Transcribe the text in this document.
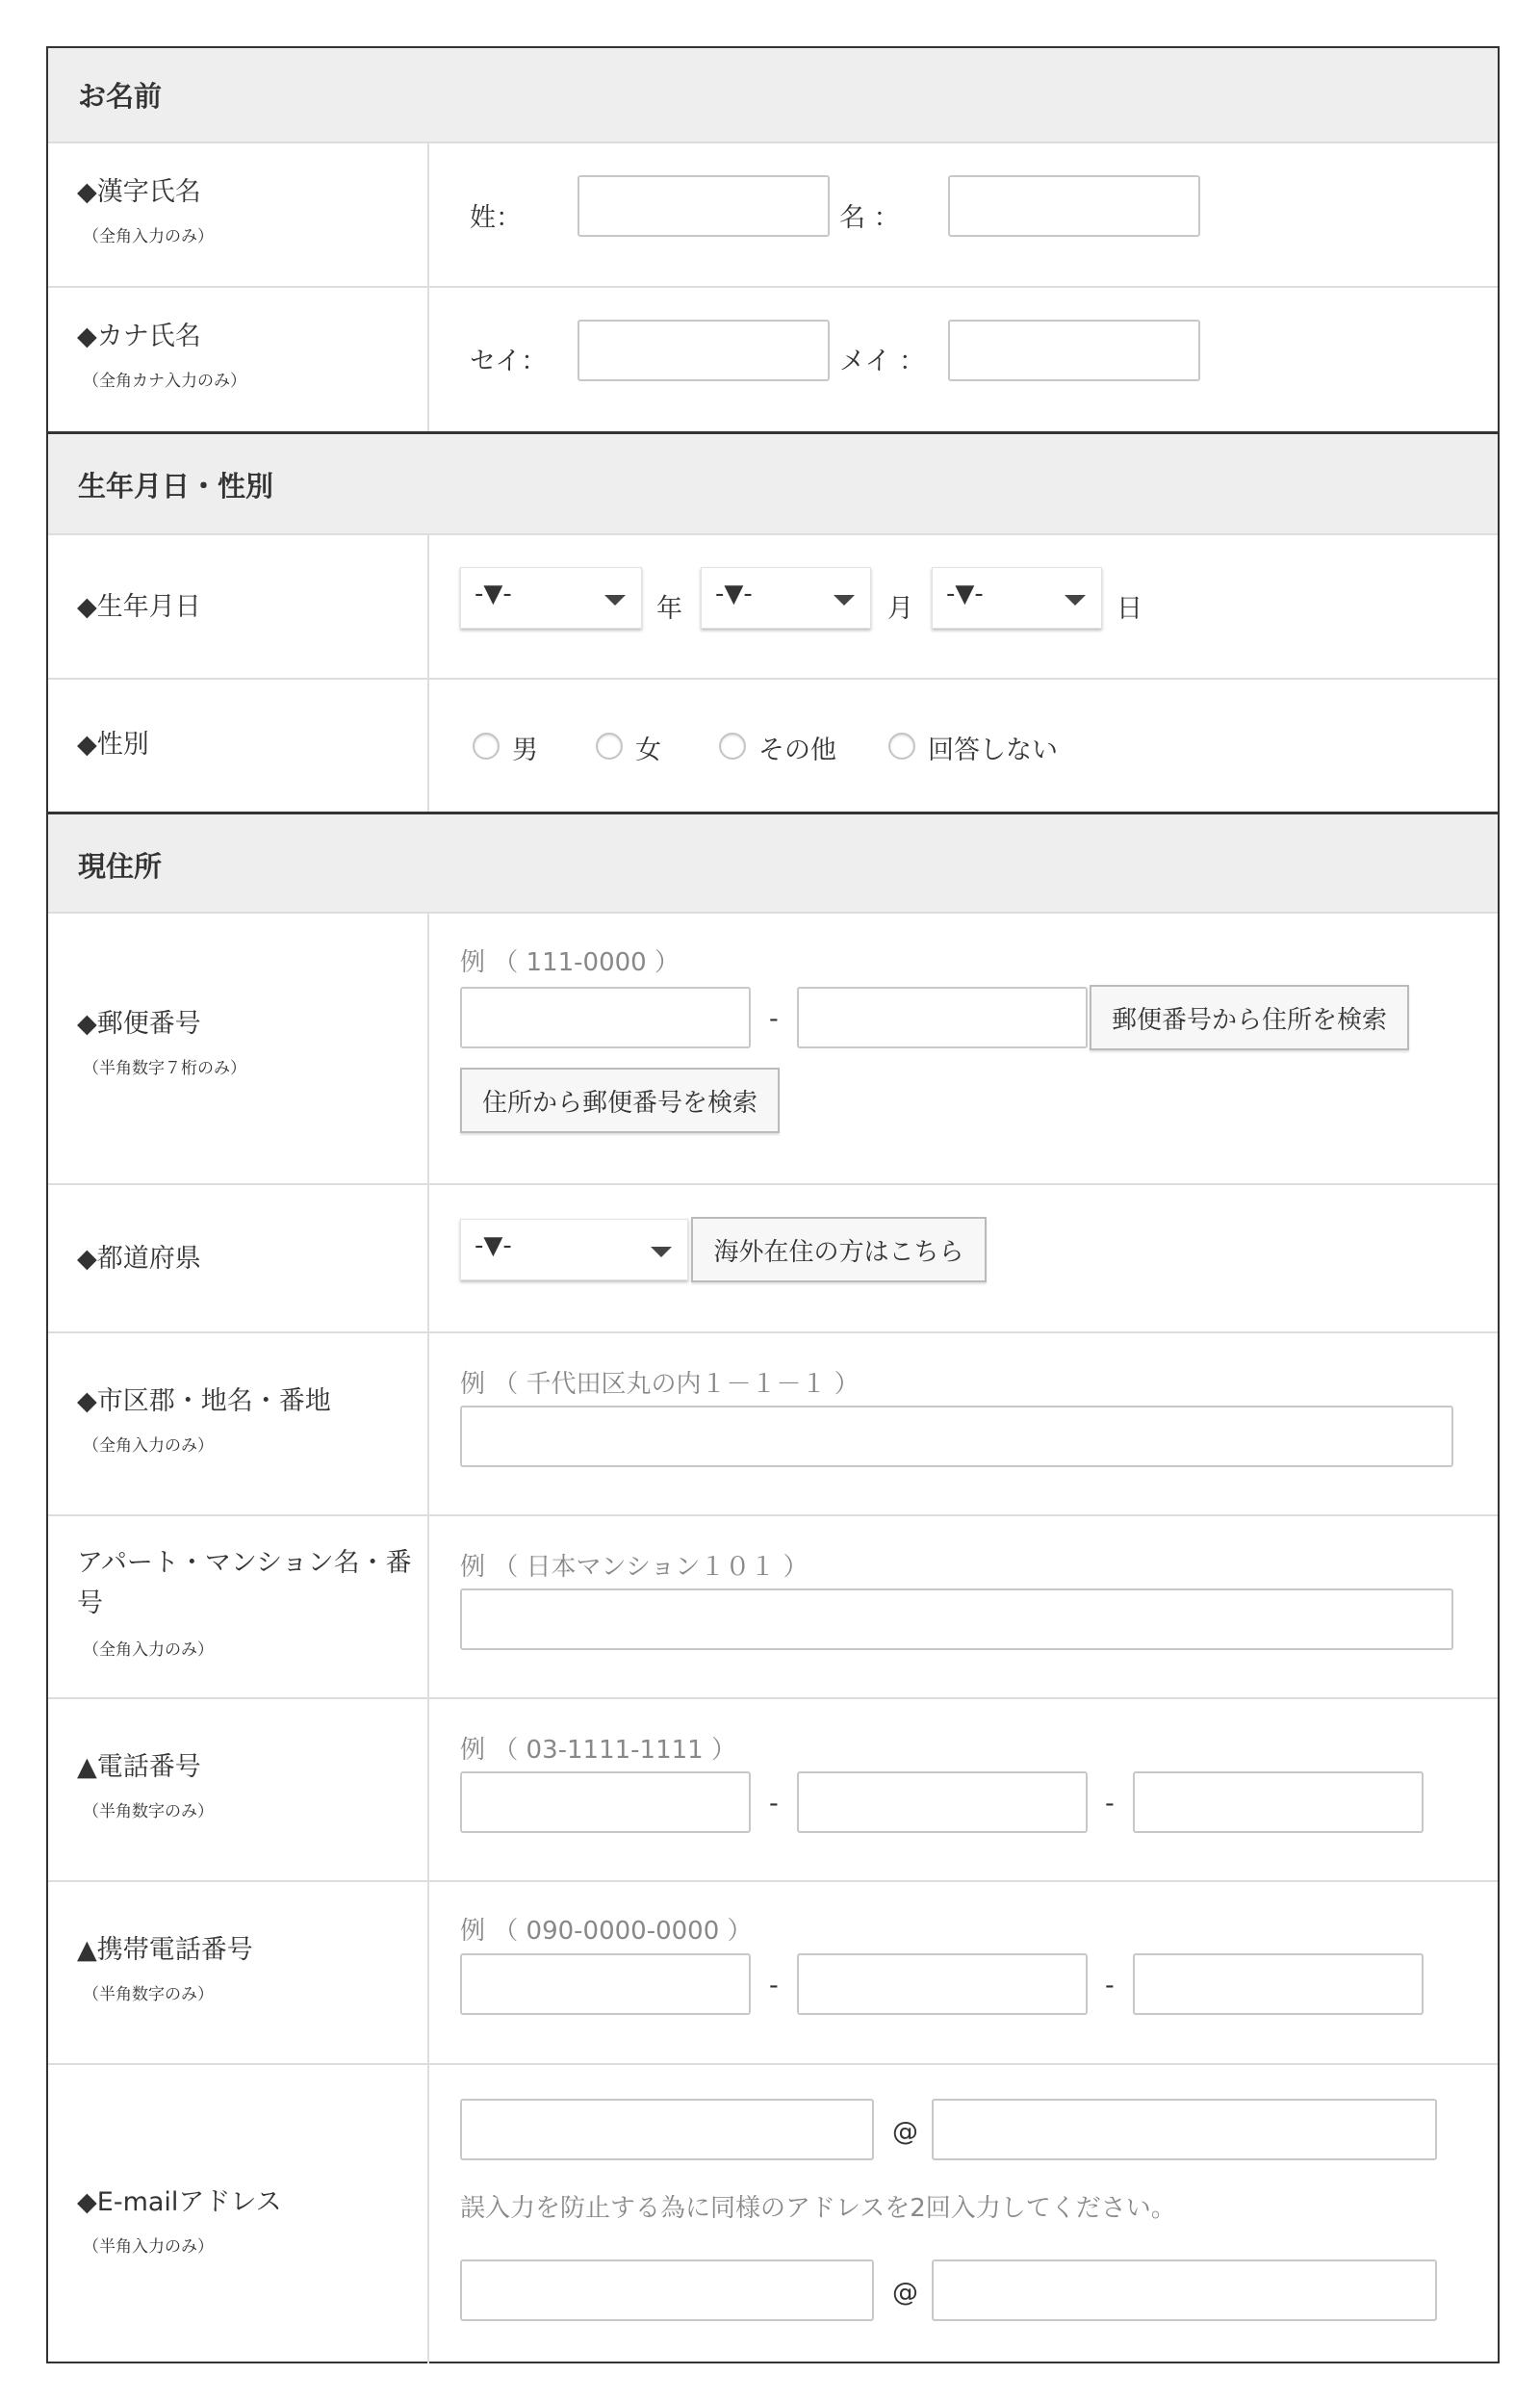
お名前
◆漢字氏名
（全角入力のみ）
姓：	名 ：
◆カナ氏名
（全角カナ入力のみ）
セイ：	メイ ：
生年月日・性別
◆生年月日	-▼-	年 -▼-	月 -▼-	日
◆性別	男	女	その他	回答しない
現住所
◆郵便番号
（半角数字７桁のみ）
例 （ 111-0000 ）
-	郵便番号から住所を検索
住所から郵便番号を検索
◆都道府県	-▼-	海外在住の方はこちら
◆市区郡・地名・番地
（全角入力のみ）
例 （ 千代田区丸の内１－１－１ ）
アパート・マンション名・番
号
（全角入力のみ）
例 （ 日本マンション１０１ ）
▲電話番号
（半角数字のみ）
例 （ 03-1111-1111 ）
-	-
▲携帯電話番号
（半角数字のみ）
例 （ 090-0000-0000 ）
-	-
◆E-mailアドレス
（半角入力のみ）
@
誤入力を防止する為に同様のアドレスを2回入力してください。
@
